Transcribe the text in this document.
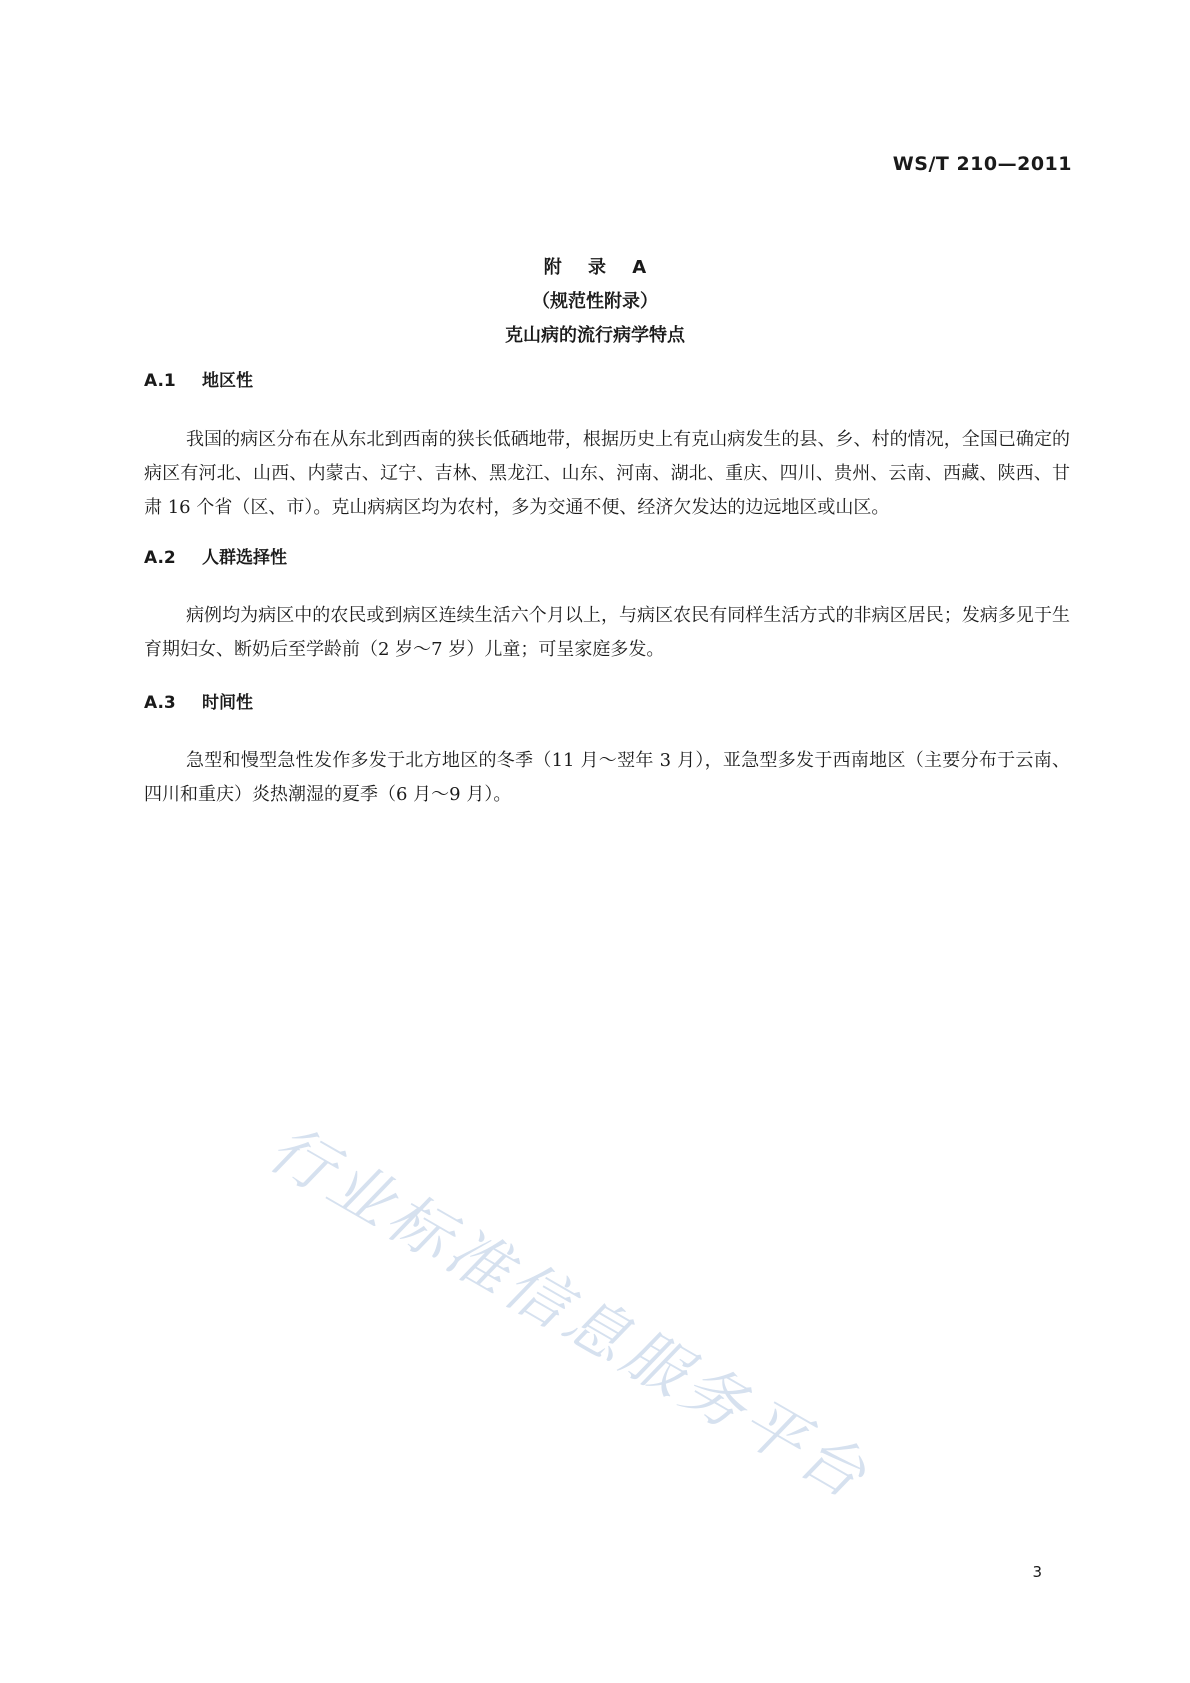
WS/T 210—2011
附 录 A
（规范性附录）
克山病的流行病学特点
A.1 地区性
我国的病区分布在从东北到西南的狭长低硒地带，根据历史上有克山病发生的县、乡、村的情况，全国已确定的病区有河北、山西、内蒙古、辽宁、吉林、黑龙江、山东、河南、湖北、重庆、四川、贵州、云南、西藏、陕西、甘肃 16 个省（区、市）。克山病病区均为农村，多为交通不便、经济欠发达的边远地区或山区。
A.2 人群选择性
病例均为病区中的农民或到病区连续生活六个月以上，与病区农民有同样生活方式的非病区居民；发病多见于生育期妇女、断奶后至学龄前（2 岁～7 岁）儿童；可呈家庭多发。
A.3 时间性
急型和慢型急性发作多发于北方地区的冬季（11 月～翌年 3 月），亚急型多发于西南地区（主要分布于云南、四川和重庆）炎热潮湿的夏季（6 月～9 月）。
行业标准信息服务平台
3
